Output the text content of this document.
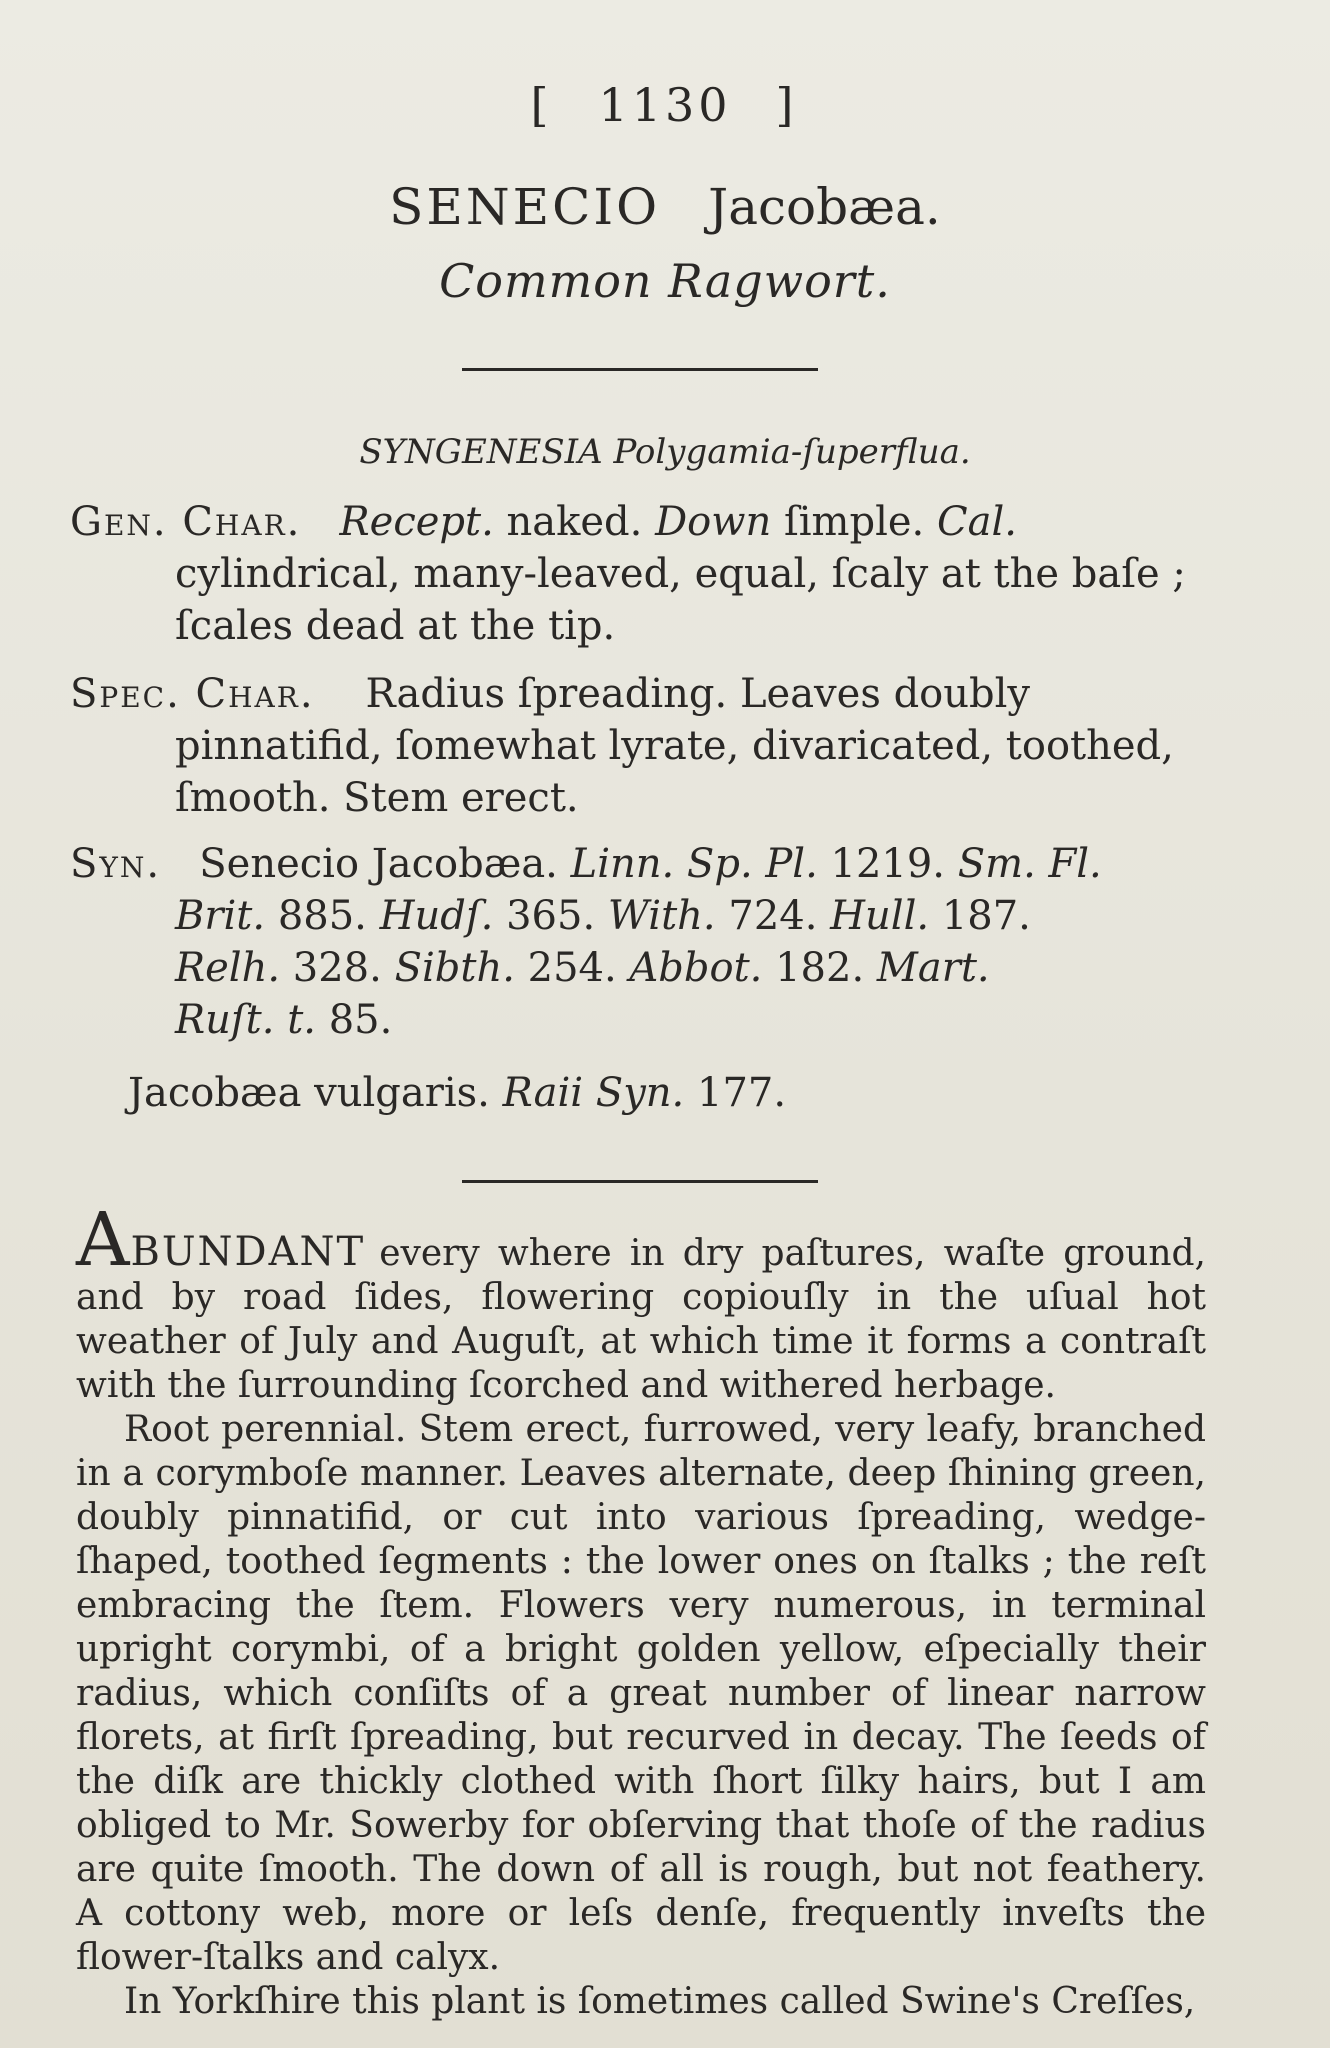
[ 1130 ]
SENECIO Jacobæa.
Common Ragwort.
SYNGENESIA Polygamia-ſuperflua.
Gen. Char. Recept. naked. Down ſimple. Cal.
cylindrical, many-leaved, equal, ſcaly at the baſe ;
ſcales dead at the tip.
Spec. Char. Radius ſpreading. Leaves doubly
pinnatifid, ſomewhat lyrate, divaricated, toothed,
ſmooth. Stem erect.
Syn. Senecio Jacobæa. Linn. Sp. Pl. 1219. Sm. Fl.
Brit. 885. Hudſ. 365. With. 724. Hull. 187.
Relh. 328. Sibth. 254. Abbot. 182. Mart.
Ruſt. t. 85.
Jacobæa vulgaris. Raii Syn. 177.

ABUNDANT every where in dry paſtures, waſte ground, and by road ſides, flowering copiouſly in the uſual hot weather of July and Auguſt, at which time it forms a contraſt with the ſurrounding ſcorched and withered herbage.

Root perennial. Stem erect, furrowed, very leafy, branched in a corymboſe manner. Leaves alternate, deep ſhining green, doubly pinnatifid, or cut into various ſpreading, wedge-ſhaped, toothed ſegments : the lower ones on ſtalks ; the reſt embracing the ſtem. Flowers very numerous, in terminal upright corymbi, of a bright golden yellow, eſpecially their radius, which conſiſts of a great number of linear narrow florets, at firſt ſpreading, but recurved in decay. The ſeeds of the diſk are thickly clothed with ſhort ſilky hairs, but I am obliged to Mr. Sowerby for obſerving that thoſe of the radius are quite ſmooth. The down of all is rough, but not feathery. A cottony web, more or leſs denſe, frequently inveſts the flower-ſtalks and calyx.

In Yorkſhire this plant is ſometimes called Swine's Creſſes,
